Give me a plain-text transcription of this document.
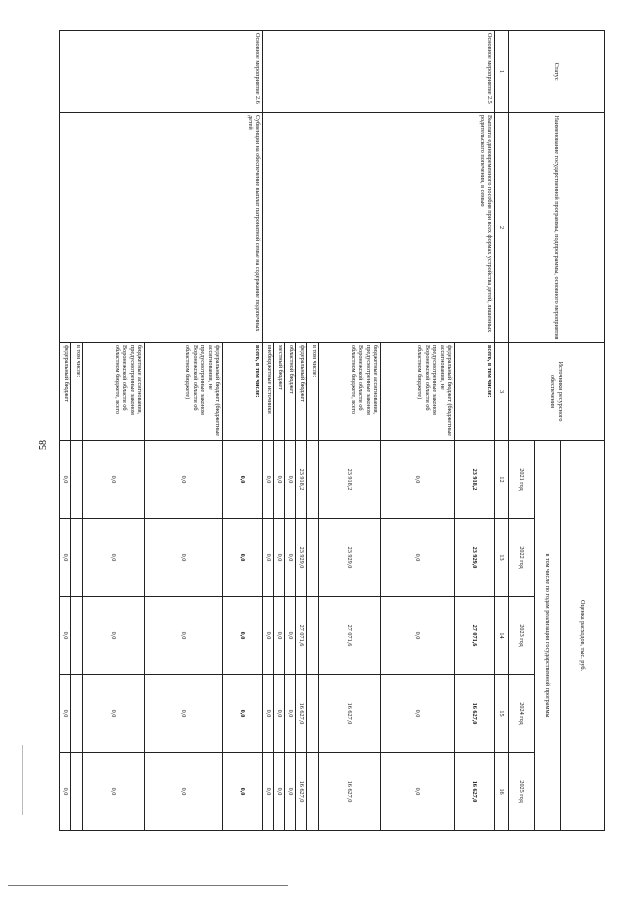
58
Статус	Наименование государственной программы, подпрограммы, основного мероприятия	Источники ресурсного обеспечения	Оценка расходов, тыс. руб.				
			в том числе по годам реализации государственной программы				
			2021 год	2022 год	2023 год	2024 год	2025 год
1	2	3	12	13	14	15	16
Основное мероприятие 2.5	Выплата единовременного пособия при всех формах устройства детей, лишенных родительского попечения, в семью	всего, в том числе:	23 918,2	23 929,0	27 071,6	16 627,0	16 627,0
		федеральный бюджет (бюджетные ассигнования, не предусмотренные законом Воронежской области об областном бюджете)	0,0	0,0	0,0	0,0	0,0
		бюджетные ассигнования, предусмотренные законом Воронежской области об областном бюджете, всего	23 918,2	23 929,0	27 071,6	16 627,0	16 627,0
		в том числе:					
		федеральный бюджет	23 918,2	23 929,0	27 071,6	16 627,0	16 627,0
		областной бюджет	0,0	0,0	0,0	0,0	0,0
		местный бюджет	0,0	0,0	0,0	0,0	0,0
		внебюджетные источники	0,0	0,0	0,0	0,0	0,0
Основное мероприятие 2.6	Субвенции на обеспечение выплат патронатной семье на содержание подопечных детей	всего, в том числе:	0,0	0,0	0,0	0,0	0,0
		федеральный бюджет (бюджетные ассигнования, не предусмотренные законом Воронежской области об областном бюджете)	0,0	0,0	0,0	0,0	0,0
		бюджетные ассигнования, предусмотренные законом Воронежской области об областном бюджете, всего	0,0	0,0	0,0	0,0	0,0
		в том числе:					
		федеральный бюджет	0,0	0,0	0,0	0,0	0,0
